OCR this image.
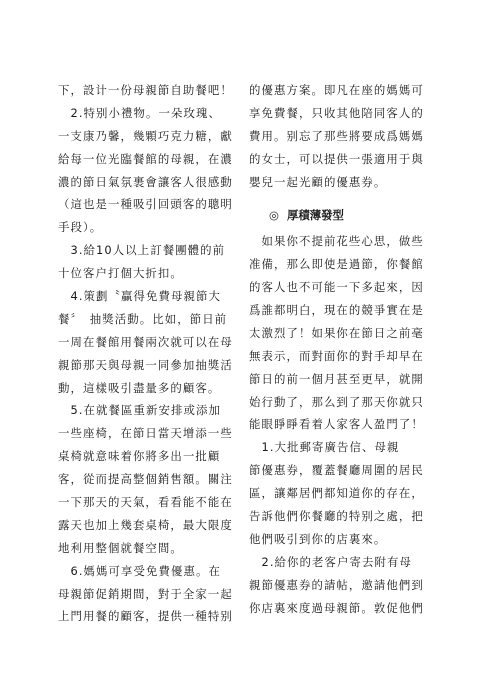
下，設计一份母親節自助餐吧！
　2.特别小禮物。一朵玫瑰、
一支康乃馨，幾顆巧克力糖，獻
給每一位光臨餐館的母親，在濃
濃的節日氣氛裹會讓客人很感動
（這也是一種吸引回頭客的聰明
手段）。
　3.給10人以上訂餐團體的前
十位客户打個大折扣。
　4.策劃〝贏得免費母親節大
餐〞　抽獎活動。比如，節日前
一周在餐館用餐兩次就可以在母
親節那天與母親一同參加抽獎活
動，這樣吸引盡量多的顧客。
　5.在就餐區重新安排或添加
一些座椅，在節日當天增添一些
桌椅就意味着你將多出一批顧
客，從而提高整個銷售額。關注
一下那天的天氣，看看能不能在
露天也加上幾套桌椅，最大限度
地利用整個就餐空間。
　6.媽媽可享受免費優惠。在
母親節促銷期間，對于全家一起
上門用餐的顧客，提供一種特别
的優惠方案。即凡在座的媽媽可
享免費餐，只收其他陪同客人的
費用。别忘了那些將要成爲媽媽
的女士，可以提供一張適用于與
嬰兒一起光顧的優惠券。
◎ 厚積薄發型
　如果你不提前花些心思，做些
准備，那么即使是過節，你餐館
的客人也不可能一下多起來，因
爲誰都明白，現在的競爭實在是
太激烈了！如果你在節日之前毫
無表示，而對面你的對手却早在
節日的前一個月甚至更早，就開
始行動了，那么到了那天你就只
能眼睜睜看着人家客人盈門了！
　1.大批郵寄廣告信、母親
節優惠券，覆蓋餐廳周圍的居民
區，讓鄰居們都知道你的存在，
告訴他們你餐廳的特别之處，把
他們吸引到你的店裏來。
　2.給你的老客户寄去附有母
親節優惠券的請帖，邀請他們到
你店裏來度過母親節。敦促他們
